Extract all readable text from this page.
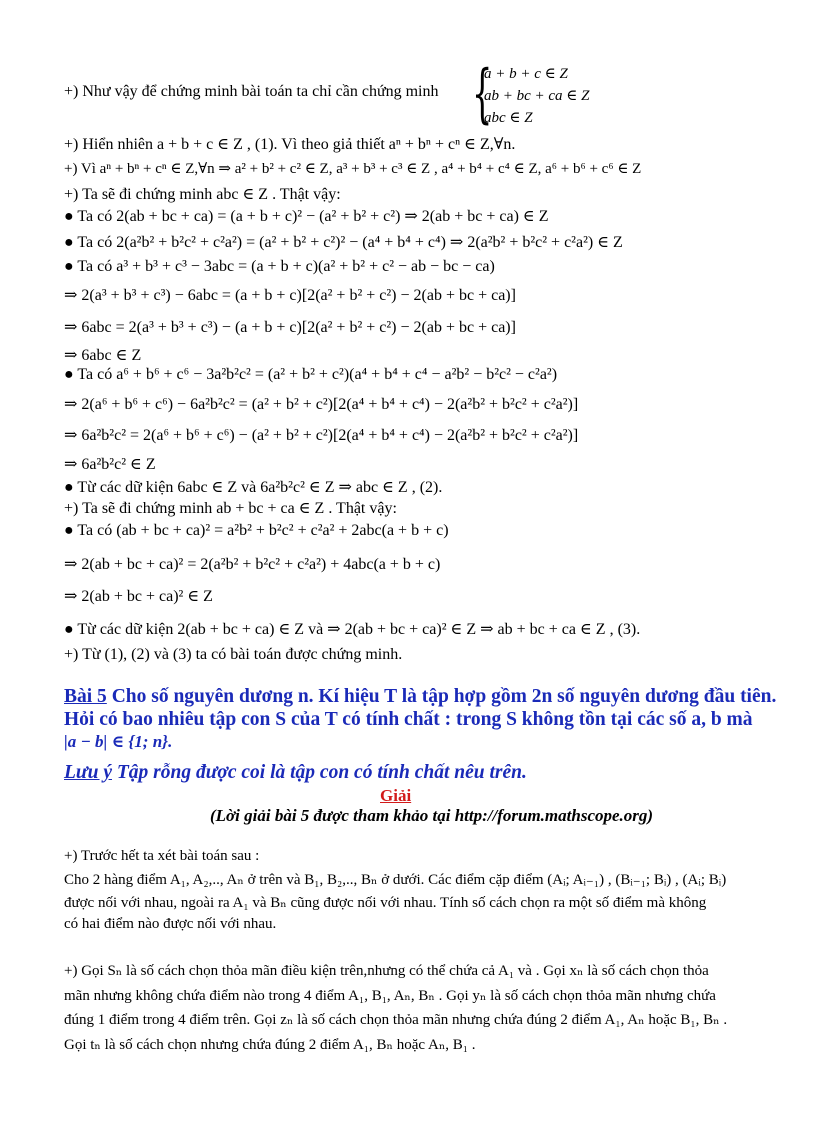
+) Như vậy để chứng minh bài toán ta chỉ cần chứng minh {
a + b + c ∈ Z
ab + bc + ca ∈ Z
abc ∈ Z
+) Hiển nhiên a + b + c ∈ Z , (1). Vì theo giả thiết aⁿ + bⁿ + cⁿ ∈ Z,∀n.
+) Vì aⁿ + bⁿ + cⁿ ∈ Z,∀n ⇒ a² + b² + c² ∈ Z, a³ + b³ + c³ ∈ Z , a⁴ + b⁴ + c⁴ ∈ Z, a⁶ + b⁶ + c⁶ ∈ Z
+) Ta sẽ đi chứng minh abc ∈ Z . Thật vậy:
● Ta có 2(ab + bc + ca) = (a + b + c)² − (a² + b² + c²) ⇒ 2(ab + bc + ca) ∈ Z
● Ta có 2(a²b² + b²c² + c²a²) = (a² + b² + c²)² − (a⁴ + b⁴ + c⁴) ⇒ 2(a²b² + b²c² + c²a²) ∈ Z
● Ta có a³ + b³ + c³ − 3abc = (a + b + c)(a² + b² + c² − ab − bc − ca)
⇒ 2(a³ + b³ + c³) − 6abc = (a + b + c)[2(a² + b² + c²) − 2(ab + bc + ca)]
⇒ 6abc = 2(a³ + b³ + c³) − (a + b + c)[2(a² + b² + c²) − 2(ab + bc + ca)]
⇒ 6abc ∈ Z
● Ta có a⁶ + b⁶ + c⁶ − 3a²b²c² = (a² + b² + c²)(a⁴ + b⁴ + c⁴ − a²b² − b²c² − c²a²)
⇒ 2(a⁶ + b⁶ + c⁶) − 6a²b²c² = (a² + b² + c²)[2(a⁴ + b⁴ + c⁴) − 2(a²b² + b²c² + c²a²)]
⇒ 6a²b²c² = 2(a⁶ + b⁶ + c⁶) − (a² + b² + c²)[2(a⁴ + b⁴ + c⁴) − 2(a²b² + b²c² + c²a²)]
⇒ 6a²b²c² ∈ Z
● Từ các dữ kiện 6abc ∈ Z và 6a²b²c² ∈ Z ⇒ abc ∈ Z , (2).
+) Ta sẽ đi chứng minh ab + bc + ca ∈ Z . Thật vậy:
● Ta có (ab + bc + ca)² = a²b² + b²c² + c²a² + 2abc(a + b + c)
⇒ 2(ab + bc + ca)² = 2(a²b² + b²c² + c²a²) + 4abc(a + b + c)
⇒ 2(ab + bc + ca)² ∈ Z
● Từ các dữ kiện 2(ab + bc + ca) ∈ Z và ⇒ 2(ab + bc + ca)² ∈ Z ⇒ ab + bc + ca ∈ Z , (3).
+) Từ (1), (2) và (3) ta có bài toán được chứng minh.
Bài 5 Cho số nguyên dương n. Kí hiệu T là tập hợp gồm 2n số nguyên dương đầu tiên.
Hỏi có bao nhiêu tập con S của T có tính chất : trong S không tồn tại các số a, b mà
|a − b| ∈ {1; n}.
Lưu ý Tập rỗng được coi là tập con có tính chất nêu trên.
Giải
(Lời giải bài 5 được tham khảo tại http://forum.mathscope.org)
+) Trước hết ta xét bài toán sau :
Cho 2 hàng điểm A₁, A₂,.., Aₙ ở trên và B₁, B₂,.., Bₙ ở dưới. Các điểm cặp điểm (Aᵢ; Aᵢ₋₁) , (Bᵢ₋₁; Bᵢ) , (Aᵢ; Bᵢ)
được nối với nhau, ngoài ra A₁ và Bₙ cũng được nối với nhau. Tính số cách chọn ra một số điểm mà không
có hai điểm nào được nối với nhau.
+) Gọi Sₙ là số cách chọn thỏa mãn điều kiện trên,nhưng có thể chứa cả A₁ và . Gọi xₙ là số cách chọn thỏa
mãn nhưng không chứa điểm nào trong 4 điểm A₁, B₁, Aₙ, Bₙ . Gọi yₙ là số cách chọn thỏa mãn nhưng chứa
đúng 1 điểm trong 4 điểm trên. Gọi zₙ là số cách chọn thỏa mãn nhưng chứa đúng 2 điểm A₁, Aₙ hoặc B₁, Bₙ .
Gọi tₙ là số cách chọn nhưng chứa đúng 2 điểm A₁, Bₙ hoặc Aₙ, B₁ .
